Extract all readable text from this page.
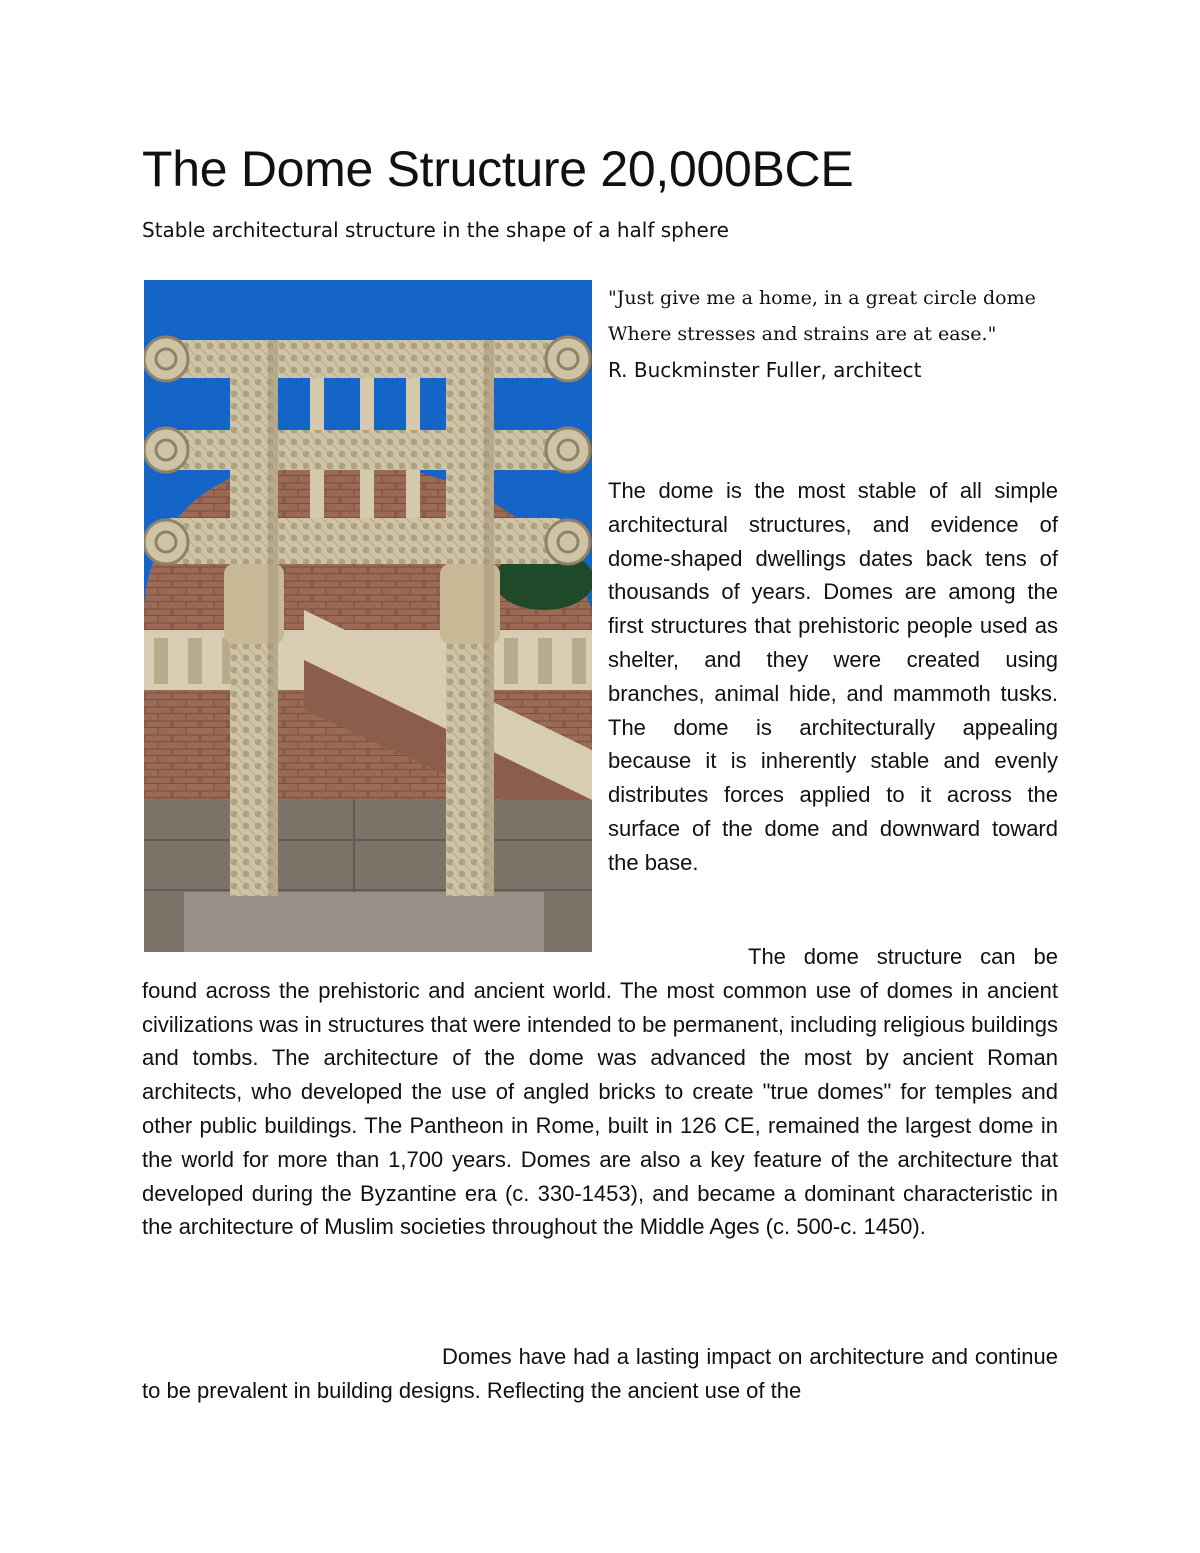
The Dome Structure 20,000BCE
Stable architectural structure in the shape of a half sphere
"Just give me a home, in a great circle dome
Where stresses and strains are at ease."
R. Buckminster Fuller, architect

The dome is the most stable of all simple architectural structures, and evidence of dome-shaped dwellings dates back tens of thousands of years. Domes are among the first structures that prehistoric people used as shelter, and they were created using branches, animal hide, and mammoth tusks. The dome is architecturally appealing because it is inherently stable and evenly distributes forces applied to it across the surface of the dome and downward toward the base.

The dome structure can be found across the prehistoric and ancient world. The most common use of domes in ancient civilizations was in structures that were intended to be permanent, including religious buildings and tombs. The architecture of the dome was advanced the most by ancient Roman architects, who developed the use of angled bricks to create "true domes" for temples and other public buildings. The Pantheon in Rome, built in 126 CE, remained the largest dome in the world for more than 1,700 years. Domes are also a key feature of the architecture that developed during the Byzantine era (c. 330-1453), and became a dominant characteristic in the architecture of Muslim societies throughout the Middle Ages (c. 500-c. 1450).

Domes have had a lasting impact on architecture and continue to be prevalent in building designs. Reflecting the ancient use of the
